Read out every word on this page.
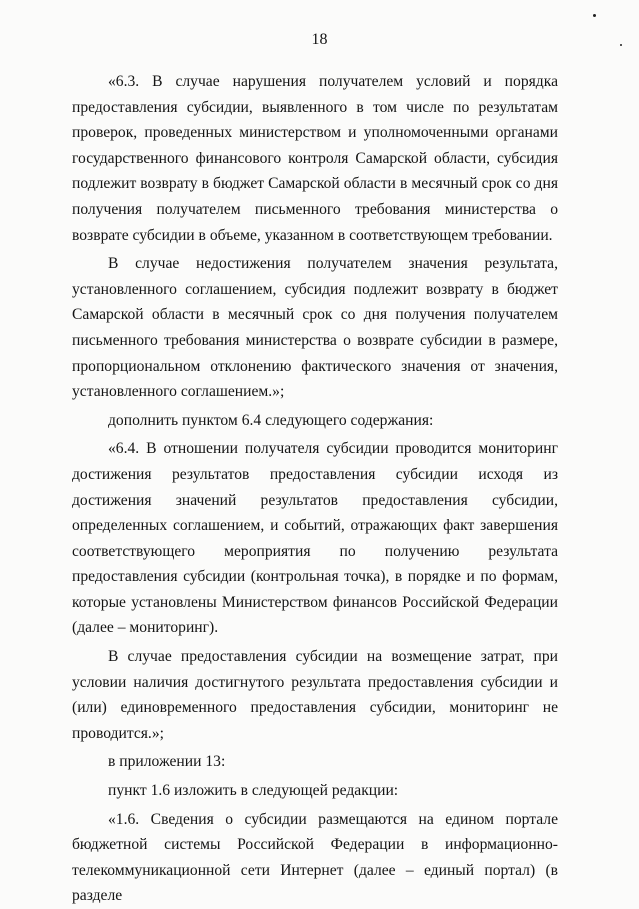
18

«6.3. В случае нарушения получателем условий и порядка предоставления субсидии, выявленного в том числе по результатам проверок, проведенных министерством и уполномоченными органами государственного финансового контроля Самарской области, субсидия подлежит возврату в бюджет Самарской области в месячный срок со дня получения получателем письменного требования министерства о возврате субсидии в объеме, указанном в соответствующем требовании.

В случае недостижения получателем значения результата, установленного соглашением, субсидия подлежит возврату в бюджет Самарской области в месячный срок со дня получения получателем письменного требования министерства о возврате субсидии в размере, пропорциональном отклонению фактического значения от значения, установленного соглашением.»;

дополнить пунктом 6.4 следующего содержания:

«6.4. В отношении получателя субсидии проводится мониторинг достижения результатов предоставления субсидии исходя из достижения значений результатов предоставления субсидии, определенных соглашением, и событий, отражающих факт завершения соответствующего мероприятия по получению результата предоставления субсидии (контрольная точка), в порядке и по формам, которые установлены Министерством финансов Российской Федерации (далее – мониторинг).

В случае предоставления субсидии на возмещение затрат, при условии наличия достигнутого результата предоставления субсидии и (или) единовременного предоставления субсидии, мониторинг не проводится.»;

в приложении 13:

пункт 1.6 изложить в следующей редакции:

«1.6. Сведения о субсидии размещаются на едином портале бюджетной системы Российской Федерации в информационно- телекоммуникационной сети Интернет (далее – единый портал) (в разделе
